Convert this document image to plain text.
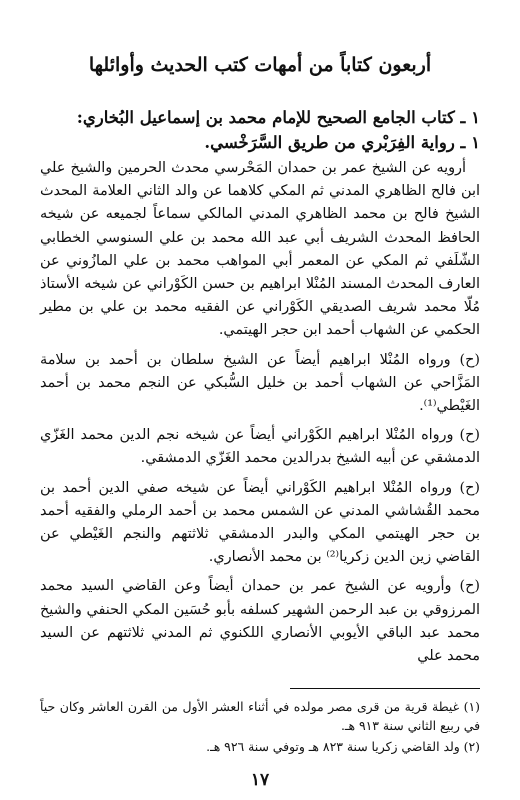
أربعون كتاباً من أمهات كتب الحديث وأوائلها
١ ـ كتاب الجامع الصحيح للإمام محمد بن إسماعيل البُخاري:
١ ـ رواية الفِرَبْري من طريق السَّرَخْسي.

أرويه عن الشيخ عمر بن حمدان المَحْرسي محدث الحرمين والشيخ علي ابن فالح الظاهري المدني ثم المكي كلاهما عن والد الثاني العلامة المحدث الشيخ فالح بن محمد الظاهري المدني المالكي سماعاً لجميعه عن شيخه الحافظ المحدث الشريف أبي عبد الله محمد بن علي السنوسي الخطابي الشّلَفي ثم المكي عن المعمر أبي المواهب محمد بن علي المازُوني عن العارف المحدث المسند المُنْلا ابراهيم بن حسن الكَوْراني عن شيخه الأستاذ مُلّا محمد شريف الصديقي الكَوْراني عن الفقيه محمد بن علي بن مطير الحكمي عن الشهاب أحمد ابن حجر الهيتمي.

(ح) ورواه المُنْلا ابراهيم أيضاً عن الشيخ سلطان بن أحمد بن سلامة المَزَّاحي عن الشهاب أحمد بن خليل السُّبكي عن النجم محمد بن أحمد الغَيْطي⁽¹⁾.

(ح) ورواه المُنْلا ابراهيم الكَوْراني أيضاً عن شيخه نجم الدين محمد الغَزّي الدمشقي عن أبيه الشيخ بدرالدين محمد الغَزّي الدمشقي.

(ح) ورواه المُنْلا ابراهيم الكَوْراني أيضاً عن شيخه صفي الدين أحمد بن محمد القُشاشي المدني عن الشمس محمد بن أحمد الرملي والفقيه أحمد بن حجر الهيتمي المكي والبدر الدمشقي ثلاثتهم والنجم الغَيْطي عن القاضي زين الدين زكريا⁽²⁾ بن محمد الأنصاري.

(ح) وأرويه عن الشيخ عمر بن حمدان أيضاً وعن القاضي السيد محمد المرزوقي بن عبد الرحمن الشهير كسلفه بأبو حُسَين المكي الحنفي والشيخ محمد عبد الباقي الأيوبي الأنصاري اللكنوي ثم المدني ثلاثتهم عن السيد محمد علي

(١) غيطة قرية من قرى مصر مولده في أثناء العشر الأول من القرن العاشر وكان حياً في ربيع الثاني سنة ٩١٣ هـ.
(٢) ولد القاضي زكريا سنة ٨٢٣ هـ وتوفي سنة ٩٢٦ هـ.
١٧
